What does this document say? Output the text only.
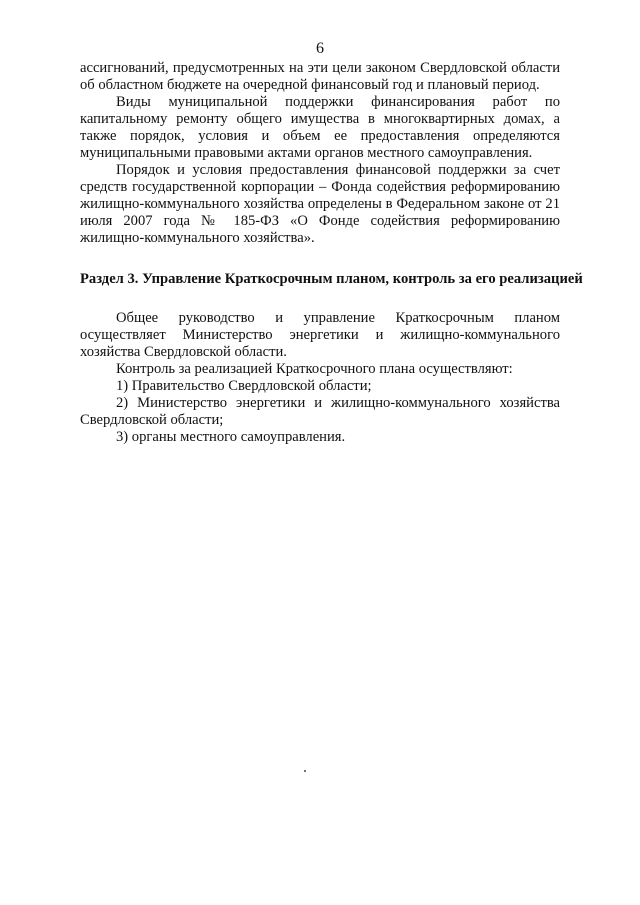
6

ассигнований, предусмотренных на эти цели законом Свердловской области об областном бюджете на очередной финансовый год и плановый период.

Виды муниципальной поддержки финансирования работ по капитальному ремонту общего имущества в многоквартирных домах, а также порядок, условия и объем ее предоставления определяются муниципальными правовыми актами органов местного самоуправления.

Порядок и условия предоставления финансовой поддержки за счет средств государственной корпорации – Фонда содействия реформированию жилищно-коммунального хозяйства определены в Федеральном законе от 21 июля 2007 года № 185-ФЗ «О Фонде содействия реформированию жилищно-коммунального хозяйства».

Раздел 3. Управление Краткосрочным планом, контроль за его реализацией

Общее руководство и управление Краткосрочным планом осуществляет Министерство энергетики и жилищно-коммунального хозяйства Свердловской области.

Контроль за реализацией Краткосрочного плана осуществляют:

1) Правительство Свердловской области;

2) Министерство энергетики и жилищно-коммунального хозяйства Свердловской области;

3) органы местного самоуправления.
